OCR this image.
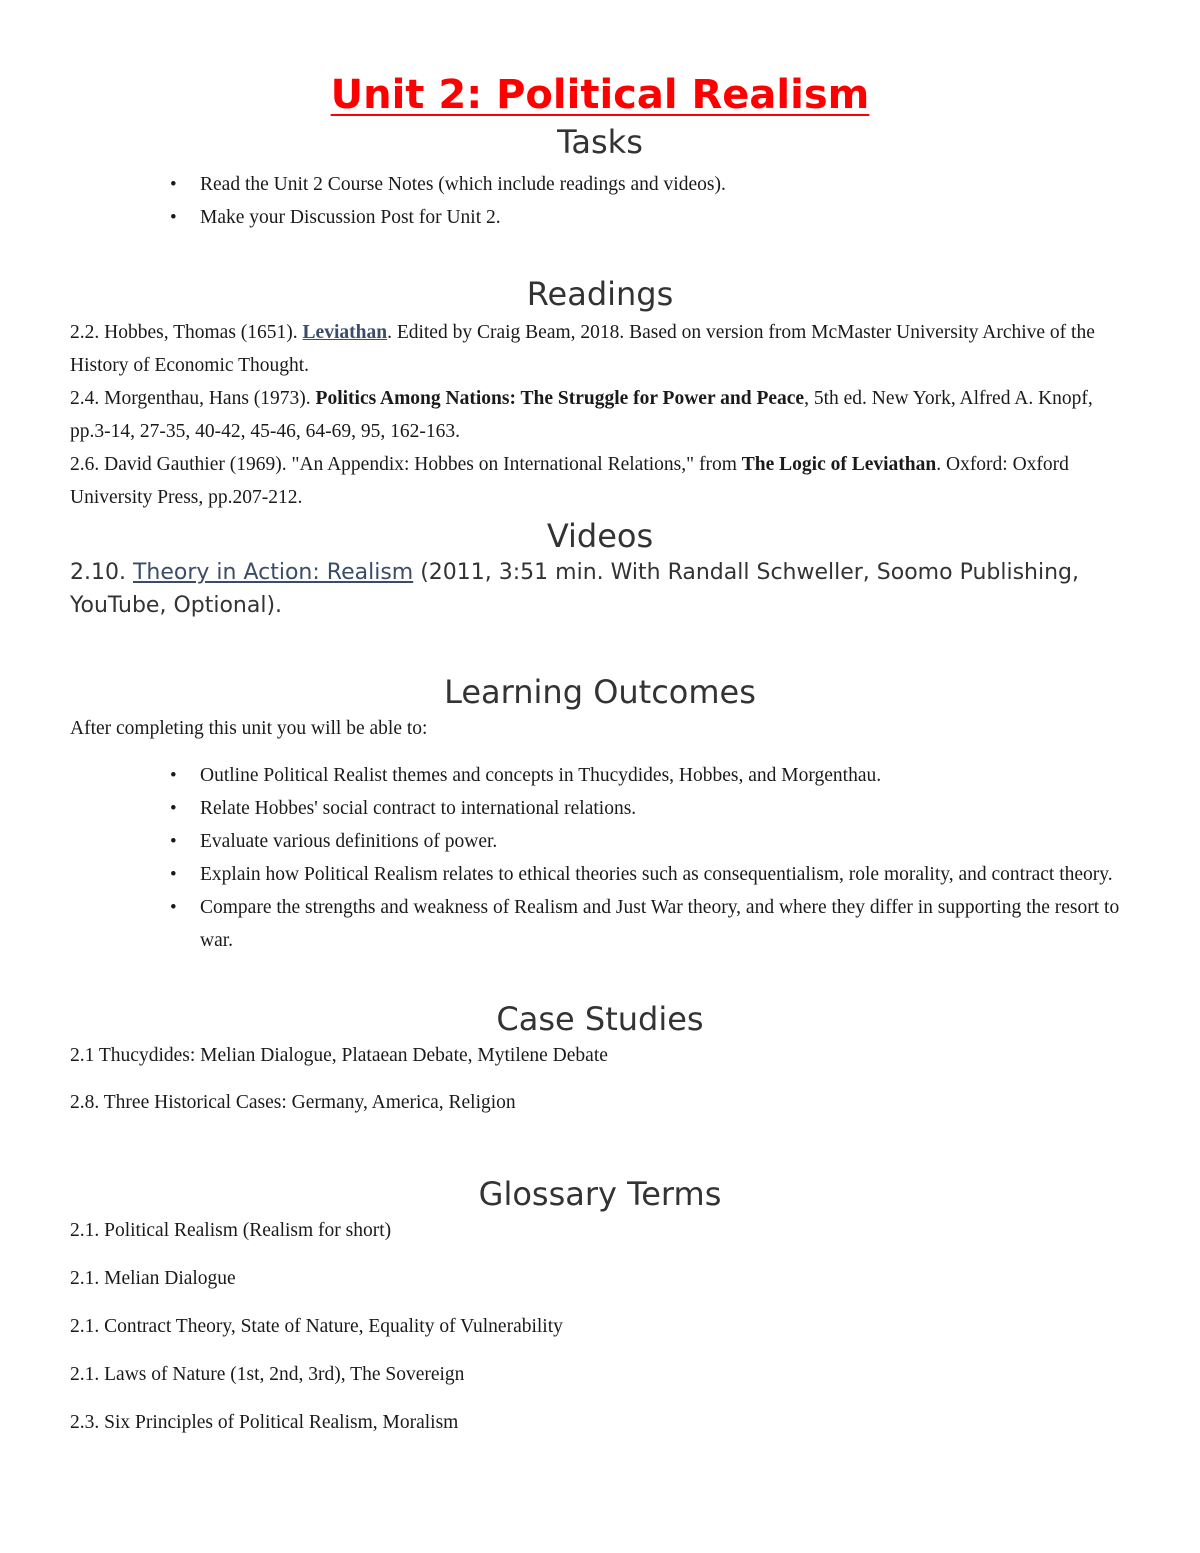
Unit 2: Political Realism
Tasks
• Read the Unit 2 Course Notes (which include readings and videos).
• Make your Discussion Post for Unit 2.
Readings

2.2. Hobbes, Thomas (1651). Leviathan. Edited by Craig Beam, 2018. Based on version from McMaster University Archive of the History of Economic Thought.

2.4. Morgenthau, Hans (1973). Politics Among Nations: The Struggle for Power and Peace, 5th ed. New York, Alfred A. Knopf, pp.3-14, 27-35, 40-42, 45-46, 64-69, 95, 162-163.

2.6. David Gauthier (1969). "An Appendix: Hobbes on International Relations," from The Logic of Leviathan. Oxford: Oxford University Press, pp.207-212.

Videos

2.10. Theory in Action: Realism (2011, 3:51 min. With Randall Schweller, Soomo Publishing, YouTube, Optional).

Learning Outcomes

After completing this unit you will be able to:

• Outline Political Realist themes and concepts in Thucydides, Hobbes, and Morgenthau.
• Relate Hobbes' social contract to international relations.
• Evaluate various definitions of power.
• Explain how Political Realism relates to ethical theories such as consequentialism, role morality, and contract theory.
• Compare the strengths and weakness of Realism and Just War theory, and where they differ in supporting the resort to war.
Case Studies

2.1 Thucydides: Melian Dialogue, Plataean Debate, Mytilene Debate

2.8. Three Historical Cases: Germany, America, Religion

Glossary Terms

2.1. Political Realism (Realism for short)

2.1. Melian Dialogue

2.1. Contract Theory, State of Nature, Equality of Vulnerability

2.1. Laws of Nature (1st, 2nd, 3rd), The Sovereign

2.3. Six Principles of Political Realism, Moralism
